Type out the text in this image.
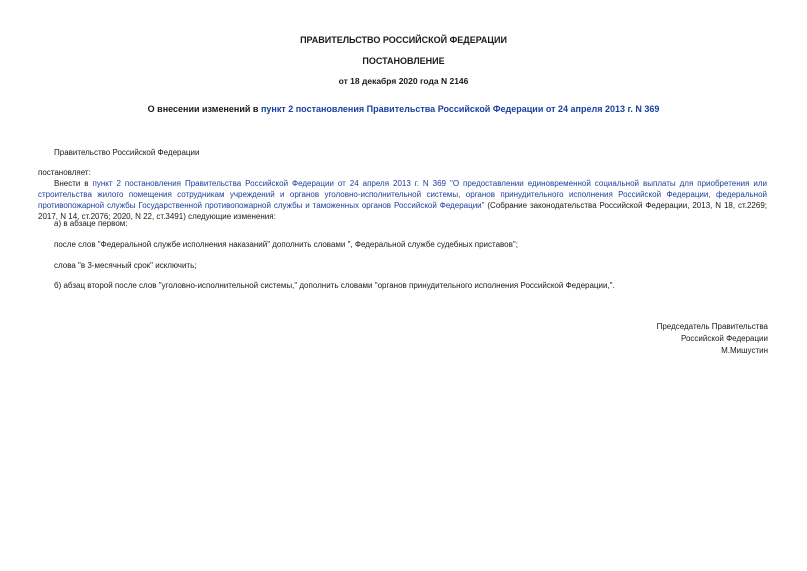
ПРАВИТЕЛЬСТВО РОССИЙСКОЙ ФЕДЕРАЦИИ
ПОСТАНОВЛЕНИЕ
от 18 декабря 2020 года N 2146
О внесении изменений в пункт 2 постановления Правительства Российской Федерации от 24 апреля 2013 г. N 369
Правительство Российской Федерации
постановляет:
Внести в пункт 2 постановления Правительства Российской Федерации от 24 апреля 2013 г. N 369 "О предоставлении единовременной социальной выплаты для приобретения или строительства жилого помещения сотрудникам учреждений и органов уголовно-исполнительной системы, органов принудительного исполнения Российской Федерации, федеральной противопожарной службы Государственной противопожарной службы и таможенных органов Российской Федерации" (Собрание законодательства Российской Федерации, 2013, N 18, ст.2269; 2017, N 14, ст.2076; 2020, N 22, ст.3491) следующие изменения:
а) в абзаце первом:
после слов "Федеральной службе исполнения наказаний" дополнить словами ", Федеральной службе судебных приставов";
слова "в 3-месячный срок" исключить;
б) абзац второй после слов "уголовно-исполнительной системы," дополнить словами "органов принудительного исполнения Российской Федерации,".
Председатель Правительства
Российской Федерации
М.Мишустин
